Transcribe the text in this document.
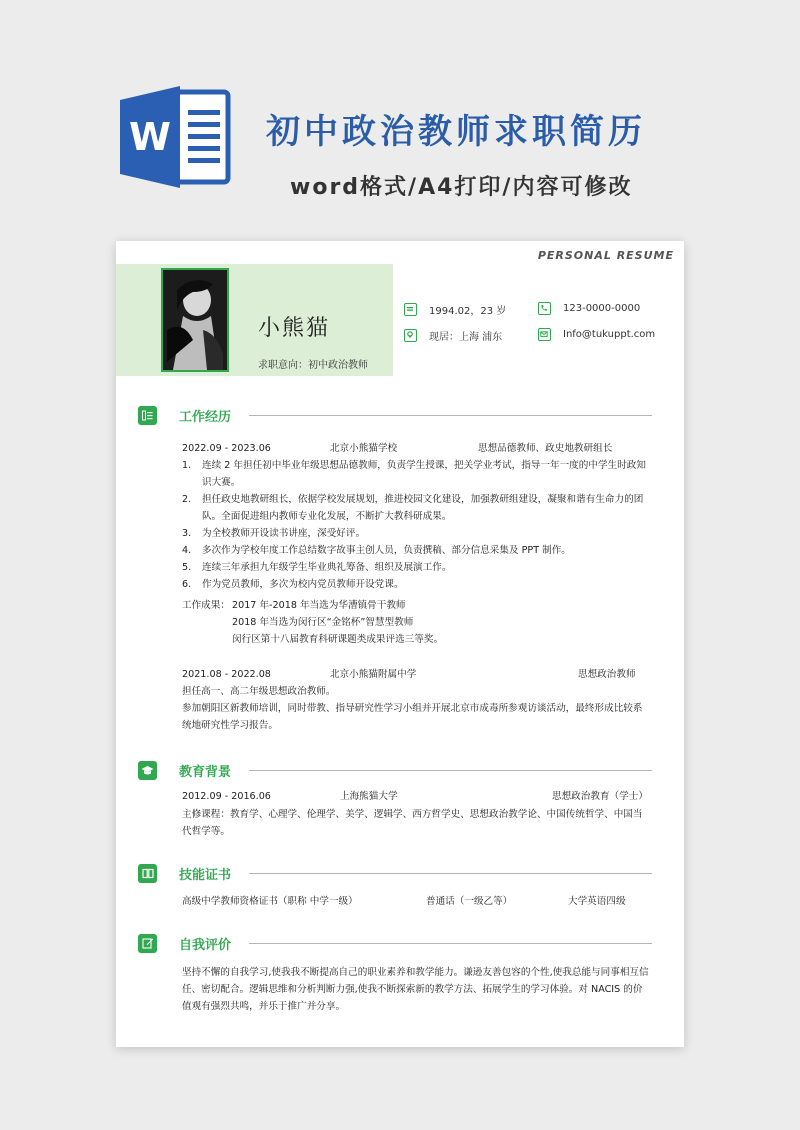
W	初中政治教师求职简历

word格式/A4打印/内容可修改

PERSONAL RESUME
小熊猫
求职意向：初中政治教师
1994.02，23 岁	123-0000-0000
现居：上海 浦东	Info@tukuppt.com
工作经历
2022.09 - 2023.06	北京小熊猫学校	思想品德教师、政史地教研组长
1. 连续 2 年担任初中毕业年级思想品德教师，负责学生授课，把关学业考试，指导一年一度的中学生时政知识大赛。
2. 担任政史地教研组长，依据学校发展规划，推进校园文化建设，加强教研组建设，凝聚和谐有生命力的团队。全面促进组内教师专业化发展，不断扩大教科研成果。
3. 为全校教师开设读书讲座，深受好评。
4. 多次作为学校年度工作总结数字故事主创人员，负责撰稿、部分信息采集及 PPT 制作。
5. 连续三年承担九年级学生毕业典礼筹备、组织及展演工作。
6. 作为党员教师，多次为校内党员教师开设党课。
工作成果： 2017 年-2018 年当选为华漕镇骨干教师
2018 年当选为闵行区“金铭杯”智慧型教师
闵行区第十八届教育科研课题类成果评选三等奖。
2021.08 - 2022.08	北京小熊猫附属中学	思想政治教师
担任高一、高二年级思想政治教师。
参加朝阳区新教师培训，同时带教、指导研究性学习小组并开展北京市成毒所参观访谈活动，最终形成比较系统地研究性学习报告。
教育背景
2012.09 - 2016.06	上海熊猫大学	思想政治教育（学士）
主修课程：教育学、心理学、伦理学、美学、逻辑学、西方哲学史、思想政治教学论、中国传统哲学、中国当代哲学等。
技能证书
高级中学教师资格证书（职称 中学一级）	普通话（一级乙等）	大学英语四级
自我评价
坚持不懈的自我学习,使我我不断提高自己的职业素养和教学能力。谦逊友善包容的个性,使我总能与同事相互信任、密切配合。逻辑思维和分析判断力强,使我不断探索新的教学方法、拓展学生的学习体验。对 NACIS 的价值观有强烈共鸣，并乐于推广并分享。
